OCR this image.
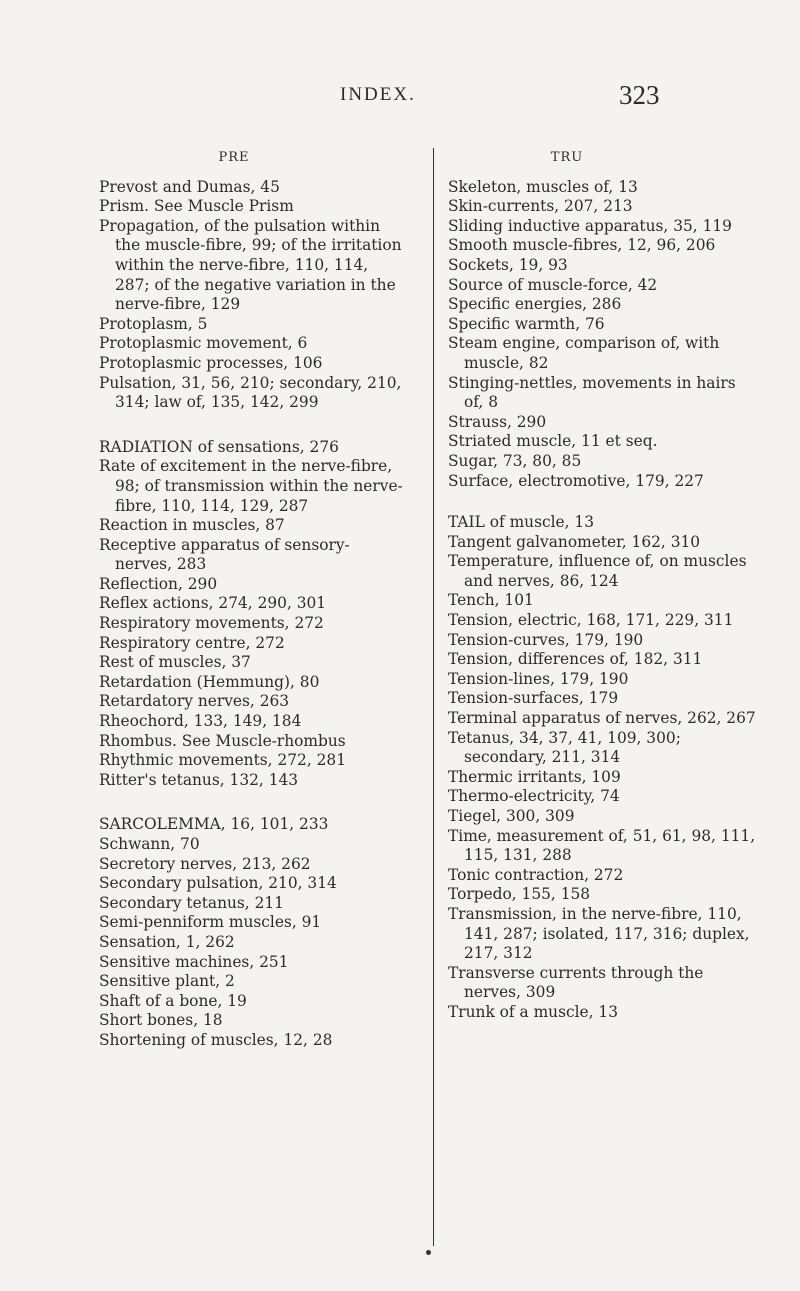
INDEX.	323
PRE
Prevost and Dumas, 45
Prism. See Muscle Prism
Propagation, of the pulsation within the muscle-fibre, 99; of the irritation within the nerve-fibre, 110, 114, 287; of the negative variation in the nerve-fibre, 129
Protoplasm, 5
Protoplasmic movement, 6
Protoplasmic processes, 106
Pulsation, 31, 56, 210; secondary, 210, 314; law of, 135, 142, 299
RADIATION of sensations, 276
Rate of excitement in the nerve-fibre, 98; of transmission within the nerve-fibre, 110, 114, 129, 287
Reaction in muscles, 87
Receptive apparatus of sensory-nerves, 283
Reflection, 290
Reflex actions, 274, 290, 301
Respiratory movements, 272
Respiratory centre, 272
Rest of muscles, 37
Retardation (Hemmung), 80
Retardatory nerves, 263
Rheochord, 133, 149, 184
Rhombus. See Muscle-rhombus
Rhythmic movements, 272, 281
Ritter's tetanus, 132, 143
SARCOLEMMA, 16, 101, 233
Schwann, 70
Secretory nerves, 213, 262
Secondary pulsation, 210, 314
Secondary tetanus, 211
Semi-penniform muscles, 91
Sensation, 1, 262
Sensitive machines, 251
Sensitive plant, 2
Shaft of a bone, 19
Short bones, 18
Shortening of muscles, 12, 28
TRU
Skeleton, muscles of, 13
Skin-currents, 207, 213
Sliding inductive apparatus, 35, 119
Smooth muscle-fibres, 12, 96, 206
Sockets, 19, 93
Source of muscle-force, 42
Specific energies, 286
Specific warmth, 76
Steam engine, comparison of, with muscle, 82
Stinging-nettles, movements in hairs of, 8
Strauss, 290
Striated muscle, 11 et seq.
Sugar, 73, 80, 85
Surface, electromotive, 179, 227
TAIL of muscle, 13
Tangent galvanometer, 162, 310
Temperature, influence of, on muscles and nerves, 86, 124
Tench, 101
Tension, electric, 168, 171, 229, 311
Tension-curves, 179, 190
Tension, differences of, 182, 311
Tension-lines, 179, 190
Tension-surfaces, 179
Terminal apparatus of nerves, 262, 267
Tetanus, 34, 37, 41, 109, 300; secondary, 211, 314
Thermic irritants, 109
Thermo-electricity, 74
Tiegel, 300, 309
Time, measurement of, 51, 61, 98, 111, 115, 131, 288
Tonic contraction, 272
Torpedo, 155, 158
Transmission, in the nerve-fibre, 110, 141, 287; isolated, 117, 316; duplex, 217, 312
Transverse currents through the nerves, 309
Trunk of a muscle, 13
